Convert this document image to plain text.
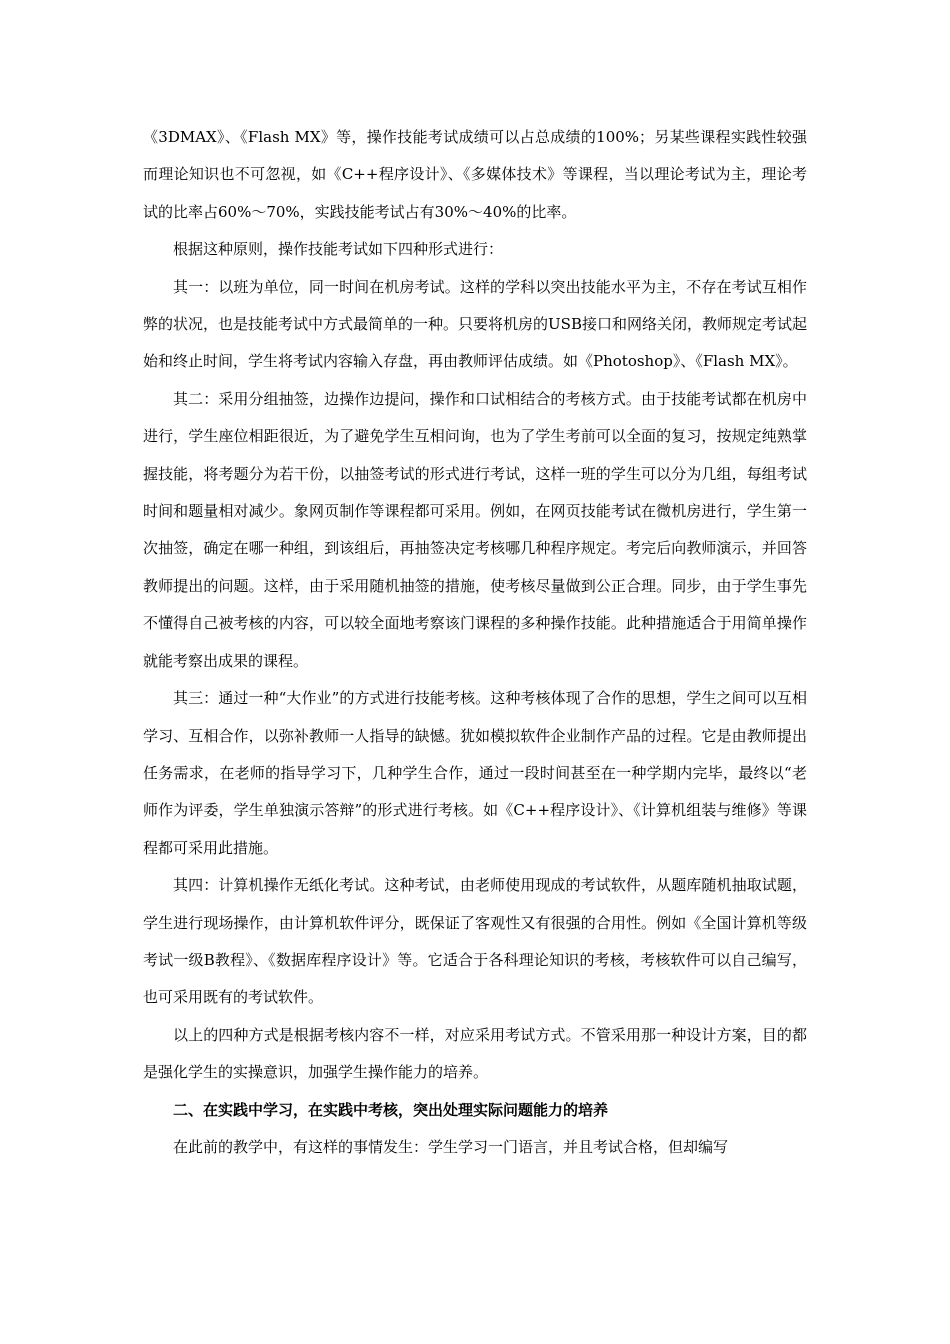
《3DMAX》、《Flash MX》等，操作技能考试成绩可以占总成绩的100%；另某些课程实践性较强而理论知识也不可忽视，如《C++程序设计》、《多媒体技术》等课程，当以理论考试为主，理论考试的比率占60%～70%，实践技能考试占有30%～40%的比率。

根据这种原则，操作技能考试如下四种形式进行：

其一：以班为单位，同一时间在机房考试。这样的学科以突出技能水平为主，不存在考试互相作弊的状况，也是技能考试中方式最简单的一种。只要将机房的USB接口和网络关闭，教师规定考试起始和终止时间，学生将考试内容输入存盘，再由教师评估成绩。如《Photoshop》、《Flash MX》。

其二：采用分组抽签，边操作边提问，操作和口试相结合的考核方式。由于技能考试都在机房中进行，学生座位相距很近，为了避免学生互相问询，也为了学生考前可以全面的复习，按规定纯熟掌握技能，将考题分为若干份，以抽签考试的形式进行考试，这样一班的学生可以分为几组，每组考试时间和题量相对减少。象网页制作等课程都可采用。例如，在网页技能考试在微机房进行，学生第一次抽签，确定在哪一种组，到该组后，再抽签决定考核哪几种程序规定。考完后向教师演示，并回答教师提出的问题。这样，由于采用随机抽签的措施，使考核尽量做到公正合理。同步，由于学生事先不懂得自己被考核的内容，可以较全面地考察该门课程的多种操作技能。此种措施适合于用简单操作就能考察出成果的课程。

其三：通过一种“大作业”的方式进行技能考核。这种考核体现了合作的思想，学生之间可以互相学习、互相合作，以弥补教师一人指导的缺憾。犹如模拟软件企业制作产品的过程。它是由教师提出任务需求，在老师的指导学习下，几种学生合作，通过一段时间甚至在一种学期内完毕，最终以“老师作为评委，学生单独演示答辩”的形式进行考核。如《C++程序设计》、《计算机组装与维修》等课程都可采用此措施。

其四：计算机操作无纸化考试。这种考试，由老师使用现成的考试软件，从题库随机抽取试题，学生进行现场操作，由计算机软件评分，既保证了客观性又有很强的合用性。例如《全国计算机等级考试一级B教程》、《数据库程序设计》等。它适合于各科理论知识的考核，考核软件可以自己编写，也可采用既有的考试软件。

以上的四种方式是根据考核内容不一样，对应采用考试方式。不管采用那一种设计方案，目的都是强化学生的实操意识，加强学生操作能力的培养。

二、在实践中学习，在实践中考核，突出处理实际问题能力的培养

在此前的教学中，有这样的事情发生：学生学习一门语言，并且考试合格，但却编写
